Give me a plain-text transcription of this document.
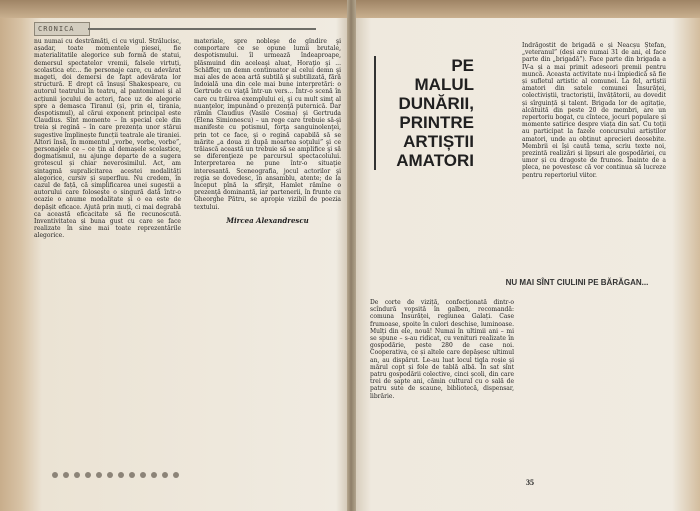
CRONICA
nu numai cu destrămăți, ci cu vigul. Strălucisc, așadar, toate momentele piesei, fie materialitatile alegorice sub formă de statui, demersul spectatelor vremii, falsele virtuți, scolastica etc... fie personaje care, cu adevărat mageti, doi demersi de fapt adevărata lor structură. E drept că însuși Shakespeare, cu autorul teatrului în teatru, al pantomimei și al acțiunii jocului de actori, face uz de alegorie spre a demasca Tiranul (și, prin el, tirania, despotismul), al cărui exponent principal este Claudius. Sînt momente – în special cele din treia și regină – în care prezența unor stărui sugestive împlinește funcții teatrale ale tiraniei. Altori însă, în momentul „vorbe, vorbe, vorbe”, personajele ce – ce țin al demașele scolastice, dogmatismul, nu ajunge departe de a sugera grotescul și chiar neverosimilul. Act, am sintagmă supralicitarea acestei modalități alegorice, cursiv și superfluu. Nu credem, în cazul de față, că simplificarea unei sugestii a autorului care folosește o singură dată într-o ocazie o anume modalitate și o ea este de depășit eficace. Ajută prin muți, ci mai degrabă ca această eficacitate să fie recunoscută. Inventivitatea și buna gust cu care se face realizate în sine mai toate reprezentările alegorice.
materiale, spre nobleşe de gîndire şi comportare ce se opune lumii brutale, despotismului. îl urmează îndeaproape, plăsmuind din aceleaşi aluat, Horaţio şi ... Schäffer, un demn continuator al celui demn şi mai ales de acea artă subtilă şi subtilizată, fără îndoială una din cele mai bune interpretări: o Gertrude cu viaţă într-un vers... Într-o scenă în care cu trăirea exemplului ei, şi cu mult simţ al nuanţelor, impunând o prezenţă puternică. Dar rămîn Claudius (Vasile Cosma) şi Gertruda (Elena Simionescu) – un rege care trebuie să-şi manifeste cu potismul, forţa sanguinolenţei, prin tot ce face, şi o regină capabilă să se mărite „a doua zi după moartea soţului” şi ce trăiască această un trebuie să se amplifice şi să se diferenţieze pe parcursul spectacolului. Interpretarea ne pune într-o situaţie interesantă. Sceneografia, jocul actorilor şi regia se dovedesc, în ansamblu, atente; de la început pînă la sfîrşit, Hamlet rămîne o prezenţă dominantă, iar partenerii, în frunte cu Gheorghe Pătru, se apropie vizibil de poezia textului.
Mircea Alexandrescu
PE
MALUL
DUNĂRII,
PRINTRE
ARTIȘTII
AMATORI
NU MAI SÎNT CIULINI PE BĂRĂGAN...
De corte de viziță, confecționată dintr-o scîndură vopsită în galben, recomandă: comuna Însurăței, regiunea Galați. Case frumoase, spoite în culori deschise, luminoase. Mulți din ele, nouă! Numai în ultimii ani – mi se spune – s-au ridicat, cu venituri realizate în gospodărie, peste 280 de case noi. Cooperativa, ce și altele care depășesc ultimul an, au dispărut. Le-au luat locul tigla roșie și mărul copt și fole de tablă albă. În sat sînt patru gospodării colective, cinci școli, din care trei de șapte ani, cămin cultural cu o sală de patru sute de scaune, bibliotecă, dispensar, librărie.
Îndrăgostit de brigadă e și Neacșu Ștefan, „veteranul” (deși are numai 31 de ani, el face parte din „brigadă”). Face parte din brigada a IV-a și a mai primit adeseori premii pentru muncă. Aceasta activitate nu-i împiedică să fie și sufletul artistic al comunei. La fel, artiștii amatori din satele comunei Însurăței, colectiviștii, tractoriștii, învățătorii, au dovedit și sîrguință și talent. Brigada lor de agitație, alcătuită din peste 20 de membri, are un repertoriu bogat, cu cîntece, jocuri populare și momente satirice despre viața din sat. Cu toții au participat la fazele concursului artiștilor amatori, unde au obținut aprecieri deosebite. Membrii ei își caută tema, scriu texte noi, prezintă realizări și lipsuri ale gospodăriei, cu umor și cu dragoste de frumos. Înainte de a pleca, ne povestesc că vor continua să lucreze pentru repertoriul viitor.
35
